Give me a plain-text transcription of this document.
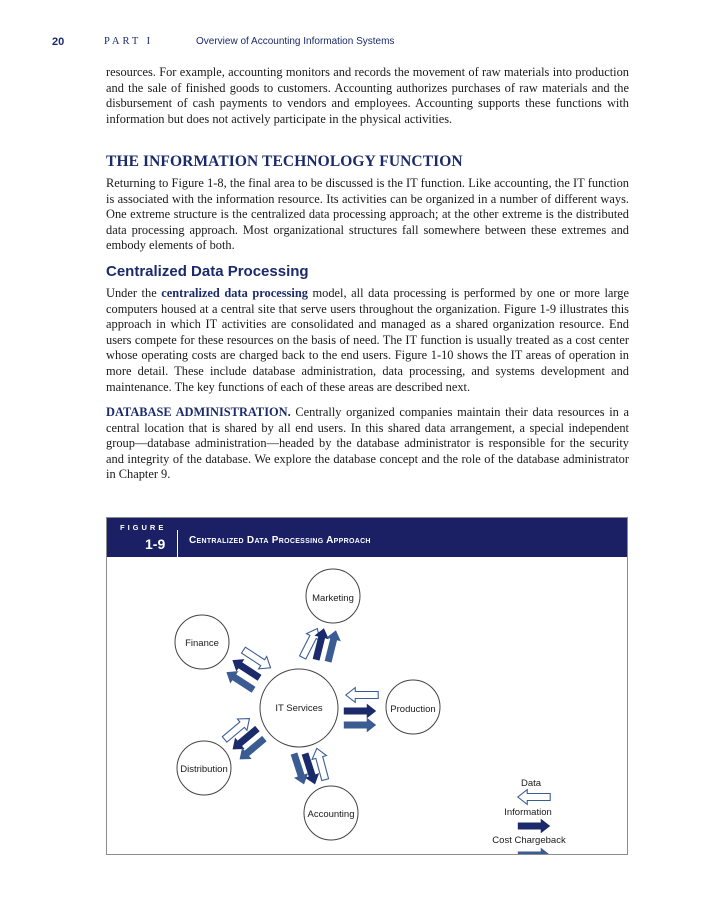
20	PART I	Overview of Accounting Information Systems

resources. For example, accounting monitors and records the movement of raw materials into production and the sale of finished goods to customers. Accounting authorizes purchases of raw materials and the disbursement of cash payments to vendors and employees. Accounting supports these functions with information but does not actively participate in the physical activities.

THE INFORMATION TECHNOLOGY FUNCTION

Returning to Figure 1-8, the final area to be discussed is the IT function. Like accounting, the IT function is associated with the information resource. Its activities can be organized in a number of different ways. One extreme structure is the centralized data processing approach; at the other extreme is the distributed data processing approach. Most organizational structures fall somewhere between these extremes and embody elements of both.

Centralized Data Processing

Under the centralized data processing model, all data processing is performed by one or more large computers housed at a central site that serve users throughout the organization. Figure 1-9 illustrates this approach in which IT activities are consolidated and managed as a shared organization resource. End users compete for these resources on the basis of need. The IT function is usually treated as a cost center whose operating costs are charged back to the end users. Figure 1-10 shows the IT areas of operation in more detail. These include database administration, data processing, and systems development and maintenance. The key functions of each of these areas are described next.

DATABASE ADMINISTRATION. Centrally organized companies maintain their data resources in a central location that is shared by all end users. In this shared data arrangement, a special independent group—database administration—headed by the database administrator is responsible for the security and integrity of the database. We explore the database concept and the role of the database administrator in Chapter 9.

FIGURE
1-9 Centralized Data Processing Approach
IT Services
Marketing
Finance
Production
Distribution
Accounting
Data
Information
Cost Chargeback
